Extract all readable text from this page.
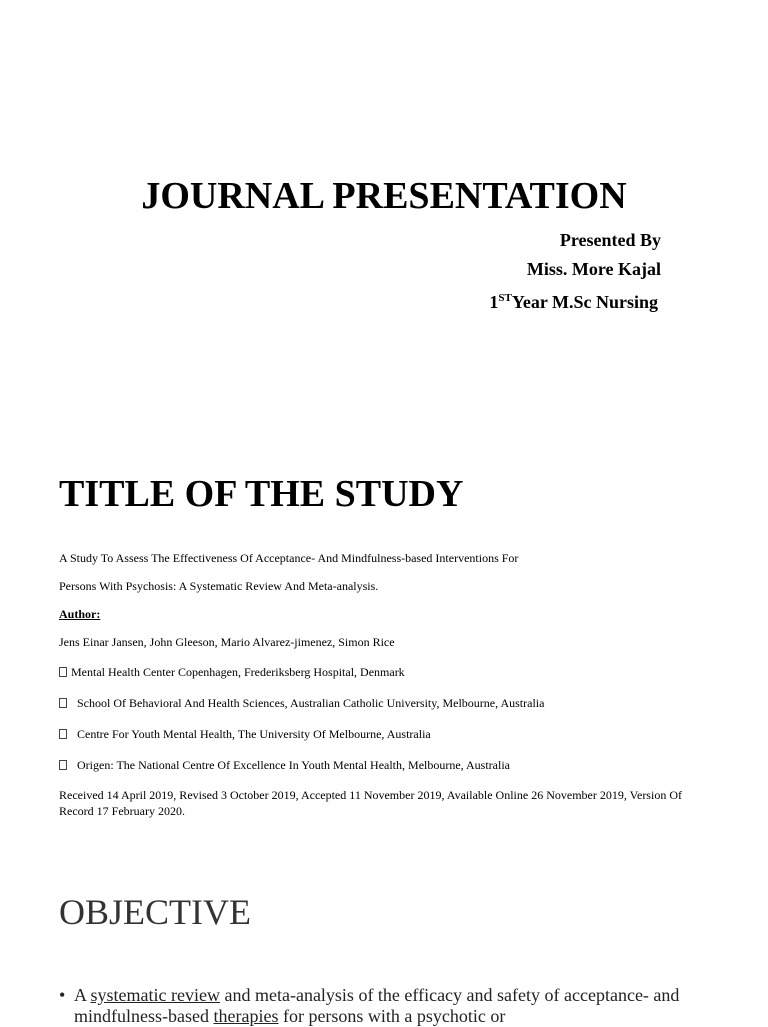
JOURNAL PRESENTATION
Presented By
Miss. More Kajal
1STYear M.Sc Nursing
TITLE OF THE STUDY
A Study To Assess The Effectiveness Of Acceptance- And Mindfulness-based Interventions For
Persons With Psychosis: A Systematic Review And Meta-analysis.
Author:
Jens Einar Jansen, John Gleeson, Mario Alvarez-jimenez, Simon Rice
Mental Health Center Copenhagen, Frederiksberg Hospital, Denmark
School Of Behavioral And Health Sciences, Australian Catholic University, Melbourne, Australia
Centre For Youth Mental Health, The University Of Melbourne, Australia
Origen: The National Centre Of Excellence In Youth Mental Health, Melbourne, Australia
Received 14 April 2019, Revised 3 October 2019, Accepted 11 November 2019, Available Online 26 November 2019, Version Of Record 17 February 2020.
OBJECTIVE
• A systematic review and meta-analysis of the efficacy and safety of acceptance- and mindfulness-based therapies for persons with a psychotic or
